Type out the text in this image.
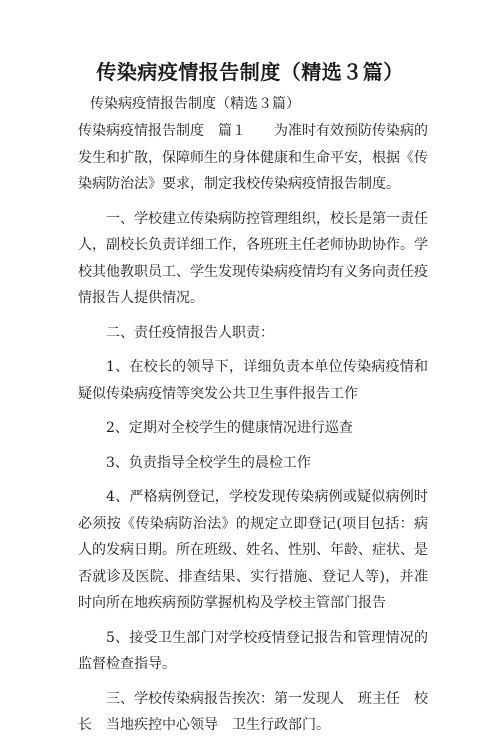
传染病疫情报告制度（精选３篇）
传染病疫情报告制度（精选３篇）

传染病疫情报告制度　篇１　　为准时有效预防传染病的发生和扩散，保障师生的身体健康和生命平安，根据《传染病防治法》要求，制定我校传染病疫情报告制度。

一、学校建立传染病防控管理组织，校长是第一责任人，副校长负责详细工作，各班班主任老师协助协作。学校其他教职员工、学生发现传染病疫情均有义务向责任疫情报告人提供情况。

二、责任疫情报告人职责：

1、在校长的领导下，详细负责本单位传染病疫情和疑似传染病疫情等突发公共卫生事件报告工作

2、定期对全校学生的健康情况进行巡查

3、负责指导全校学生的晨检工作

4、严格病例登记，学校发现传染病例或疑似病例时必须按《传染病防治法》的规定立即登记(项目包括：病人的发病日期。所在班级、姓名、性别、年龄、症状、是否就诊及医院、排查结果、实行措施、登记人等)，并准时向所在地疾病预防掌握机构及学校主管部门报告

5、接受卫生部门对学校疫情登记报告和管理情况的监督检查指导。

三、学校传染病报告挨次：第一发现人　班主任　校长　当地疾控中心领导　卫生行政部门。
